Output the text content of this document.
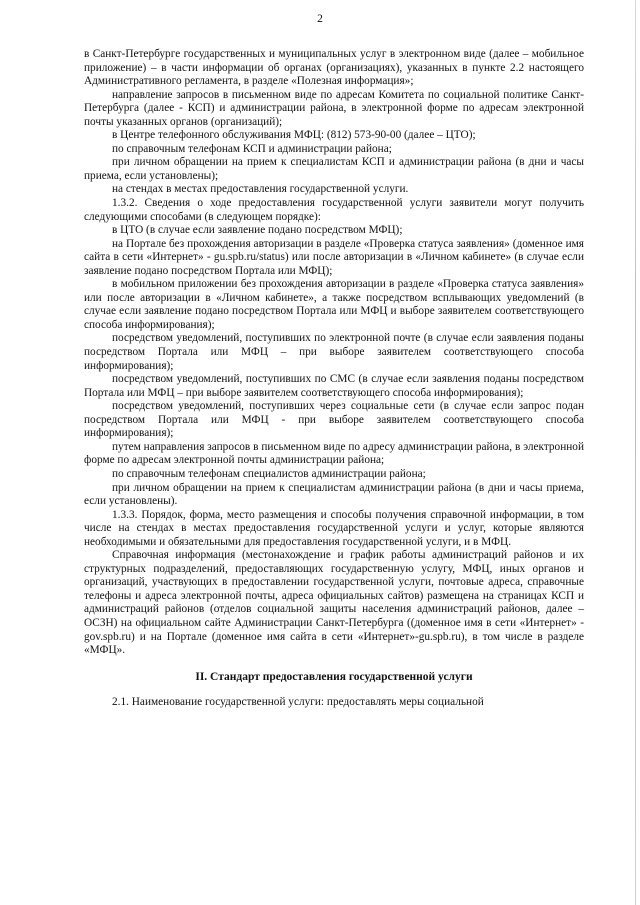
2

в Санкт-Петербурге государственных и муниципальных услуг в электронном виде (далее – мобильное приложение) – в части информации об органах (организациях), указанных в пункте 2.2 настоящего Административного регламента, в разделе «Полезная информация»;

направление запросов в письменном виде по адресам Комитета по социальной политике Санкт-Петербурга (далее - КСП) и администрации района, в электронной форме по адресам электронной почты указанных органов (организаций);

в Центре телефонного обслуживания МФЦ: (812) 573-90-00 (далее – ЦТО);

по справочным телефонам КСП и администрации района;

при личном обращении на прием к специалистам КСП и администрации района (в дни и часы приема, если установлены);

на стендах в местах предоставления государственной услуги.

1.3.2. Сведения о ходе предоставления государственной услуги заявители могут получить следующими способами (в следующем порядке):

в ЦТО (в случае если заявление подано посредством МФЦ);

на Портале без прохождения авторизации в разделе «Проверка статуса заявления» (доменное имя сайта в сети «Интернет» - gu.spb.ru/status) или после авторизации в «Личном кабинете» (в случае если заявление подано посредством Портала или МФЦ);

в мобильном приложении без прохождения авторизации в разделе «Проверка статуса заявления» или после авторизации в «Личном кабинете», а также посредством всплывающих уведомлений (в случае если заявление подано посредством Портала или МФЦ и выборе заявителем соответствующего способа информирования);

посредством уведомлений, поступивших по электронной почте (в случае если заявления поданы посредством Портала или МФЦ – при выборе заявителем соответствующего способа информирования);

посредством уведомлений, поступивших по СМС (в случае если заявления поданы посредством Портала или МФЦ – при выборе заявителем соответствующего способа информирования);

посредством уведомлений, поступивших через социальные сети (в случае если запрос подан посредством Портала или МФЦ - при выборе заявителем соответствующего способа информирования);

путем направления запросов в письменном виде по адресу администрации района, в электронной форме по адресам электронной почты администрации района;

по справочным телефонам специалистов администрации района;

при личном обращении на прием к специалистам администрации района (в дни и часы приема, если установлены).

1.3.3. Порядок, форма, место размещения и способы получения справочной информации, в том числе на стендах в местах предоставления государственной услуги и услуг, которые являются необходимыми и обязательными для предоставления государственной услуги, и в МФЦ.

Справочная информация (местонахождение и график работы администраций районов и их структурных подразделений, предоставляющих государственную услугу, МФЦ, иных органов и организаций, участвующих в предоставлении государственной услуги, почтовые адреса, справочные телефоны и адреса электронной почты, адреса официальных сайтов) размещена на страницах КСП и администраций районов (отделов социальной защиты населения администраций районов, далее – ОСЗН) на официальном сайте Администрации Санкт-Петербурга ((доменное имя в сети «Интернет» - gov.spb.ru) и на Портале (доменное имя сайта в сети «Интернет»-gu.spb.ru), в том числе в разделе «МФЦ».

II. Стандарт предоставления государственной услуги

2.1. Наименование государственной услуги: предоставлять меры социальной
